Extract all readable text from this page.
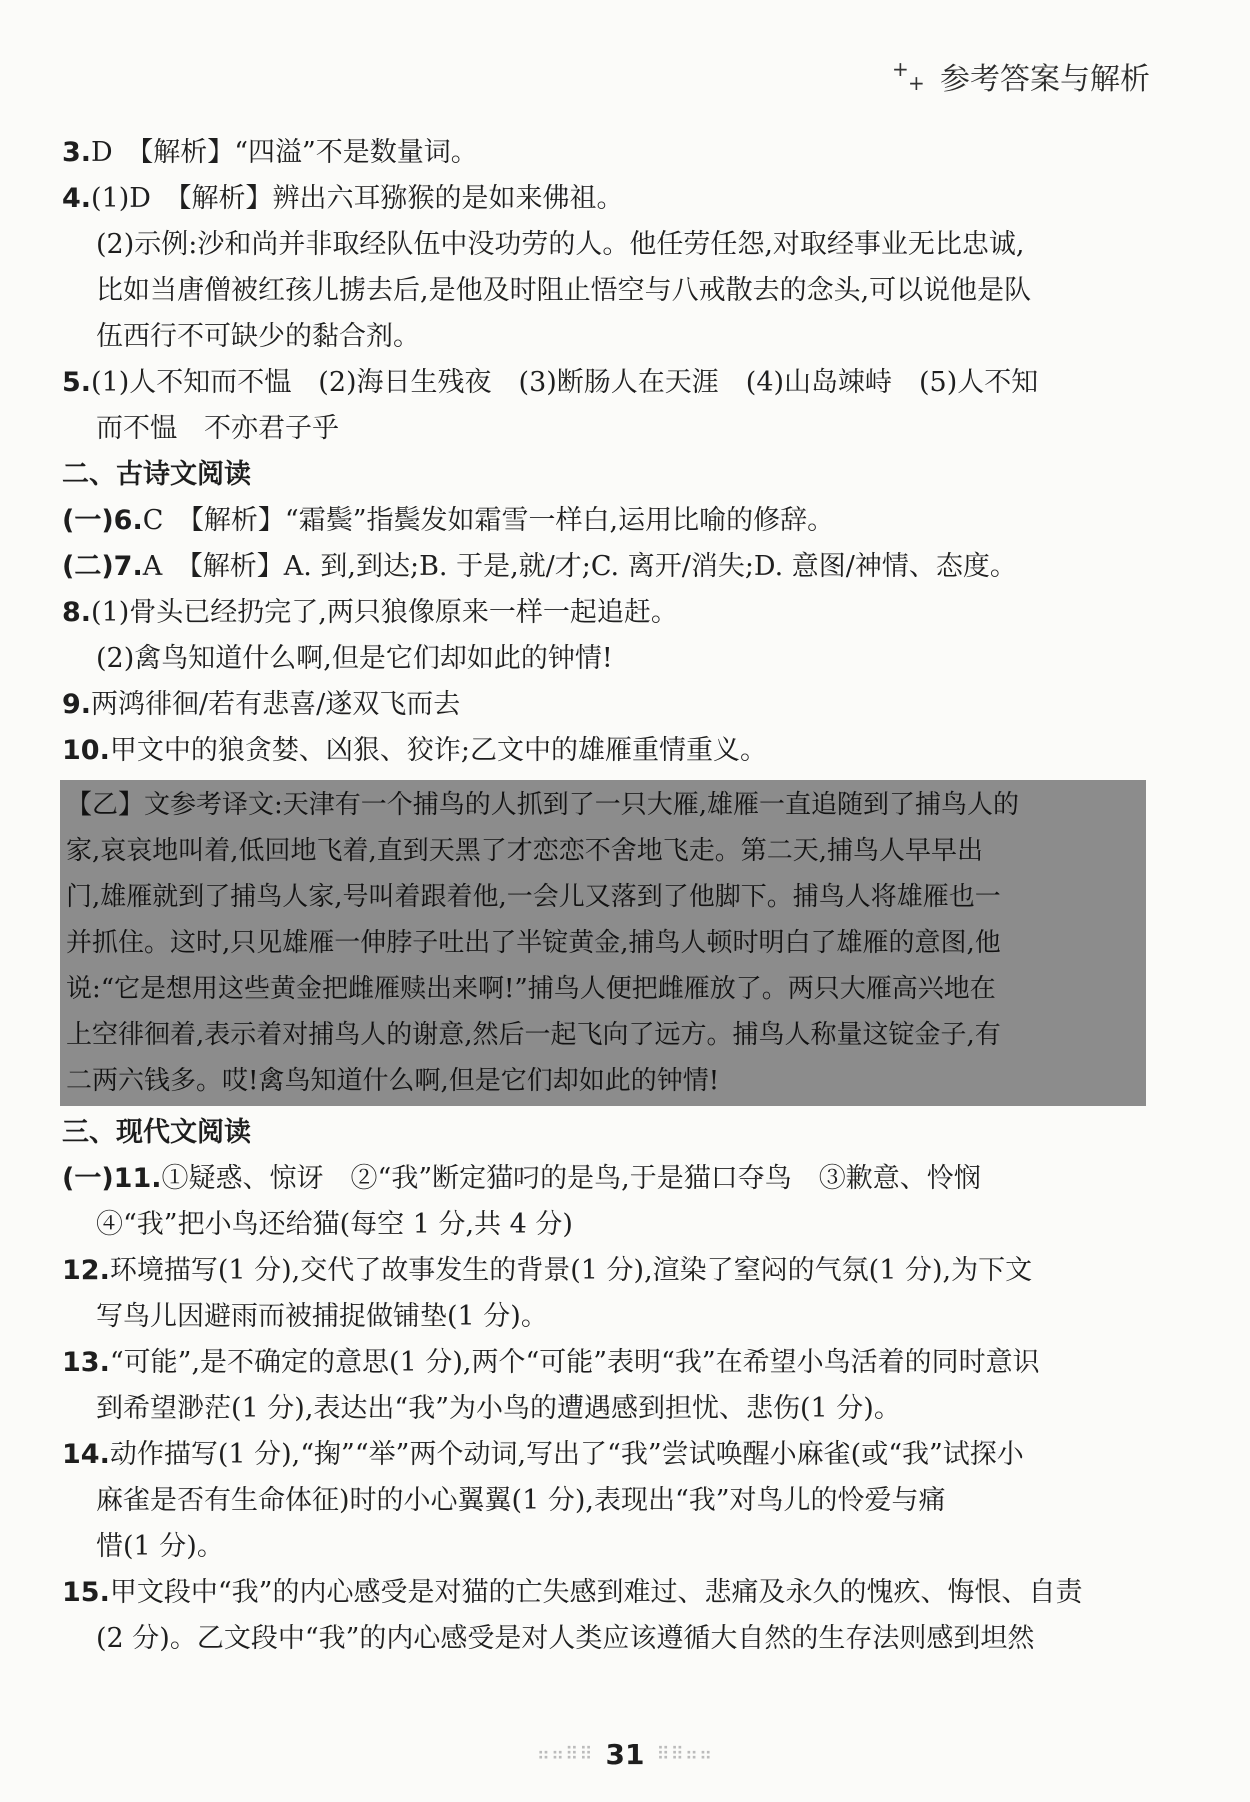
+
+ 参考答案与解析
3.D　【解析】“四溢”不是数量词。
4.(1)D　【解析】辨出六耳猕猴的是如来佛祖。
(2)示例:沙和尚并非取经队伍中没功劳的人。他任劳任怨,对取经事业无比忠诚,
比如当唐僧被红孩儿掳去后,是他及时阻止悟空与八戒散去的念头,可以说他是队
伍西行不可缺少的黏合剂。
5.(1)人不知而不愠　(2)海日生残夜　(3)断肠人在天涯　(4)山岛竦峙　(5)人不知
而不愠　不亦君子乎
二、古诗文阅读
(一)6.C　【解析】“霜鬓”指鬓发如霜雪一样白,运用比喻的修辞。
(二)7.A　【解析】A. 到,到达;B. 于是,就/才;C. 离开/消失;D. 意图/神情、态度。
8.(1)骨头已经扔完了,两只狼像原来一样一起追赶。
(2)禽鸟知道什么啊,但是它们却如此的钟情!
9.两鸿徘徊/若有悲喜/遂双飞而去
10.甲文中的狼贪婪、凶狠、狡诈;乙文中的雄雁重情重义。
【乙】文参考译文:天津有一个捕鸟的人抓到了一只大雁,雄雁一直追随到了捕鸟人的
家,哀哀地叫着,低回地飞着,直到天黑了才恋恋不舍地飞走。第二天,捕鸟人早早出
门,雄雁就到了捕鸟人家,号叫着跟着他,一会儿又落到了他脚下。捕鸟人将雄雁也一
并抓住。这时,只见雄雁一伸脖子吐出了半锭黄金,捕鸟人顿时明白了雄雁的意图,他
说:“它是想用这些黄金把雌雁赎出来啊!”捕鸟人便把雌雁放了。两只大雁高兴地在
上空徘徊着,表示着对捕鸟人的谢意,然后一起飞向了远方。捕鸟人称量这锭金子,有
二两六钱多。哎!禽鸟知道什么啊,但是它们却如此的钟情!
三、现代文阅读
(一)11.①疑惑、惊讶　②“我”断定猫叼的是鸟,于是猫口夺鸟　③歉意、怜悯
④“我”把小鸟还给猫(每空 1 分,共 4 分)
12.环境描写(1 分),交代了故事发生的背景(1 分),渲染了窒闷的气氛(1 分),为下文
写鸟儿因避雨而被捕捉做铺垫(1 分)。
13.“可能”,是不确定的意思(1 分),两个“可能”表明“我”在希望小鸟活着的同时意识
到希望渺茫(1 分),表达出“我”为小鸟的遭遇感到担忧、悲伤(1 分)。
14.动作描写(1 分),“掬”“举”两个动词,写出了“我”尝试唤醒小麻雀(或“我”试探小
麻雀是否有生命体征)时的小心翼翼(1 分),表现出“我”对鸟儿的怜爱与痛
惜(1 分)。
15.甲文段中“我”的内心感受是对猫的亡失感到难过、悲痛及永久的愧疚、悔恨、自责
(2 分)。乙文段中“我”的内心感受是对人类应该遵循大自然的生存法则感到坦然
⠶⠶⠿⠿ 31 ⠿⠿⠶⠶
